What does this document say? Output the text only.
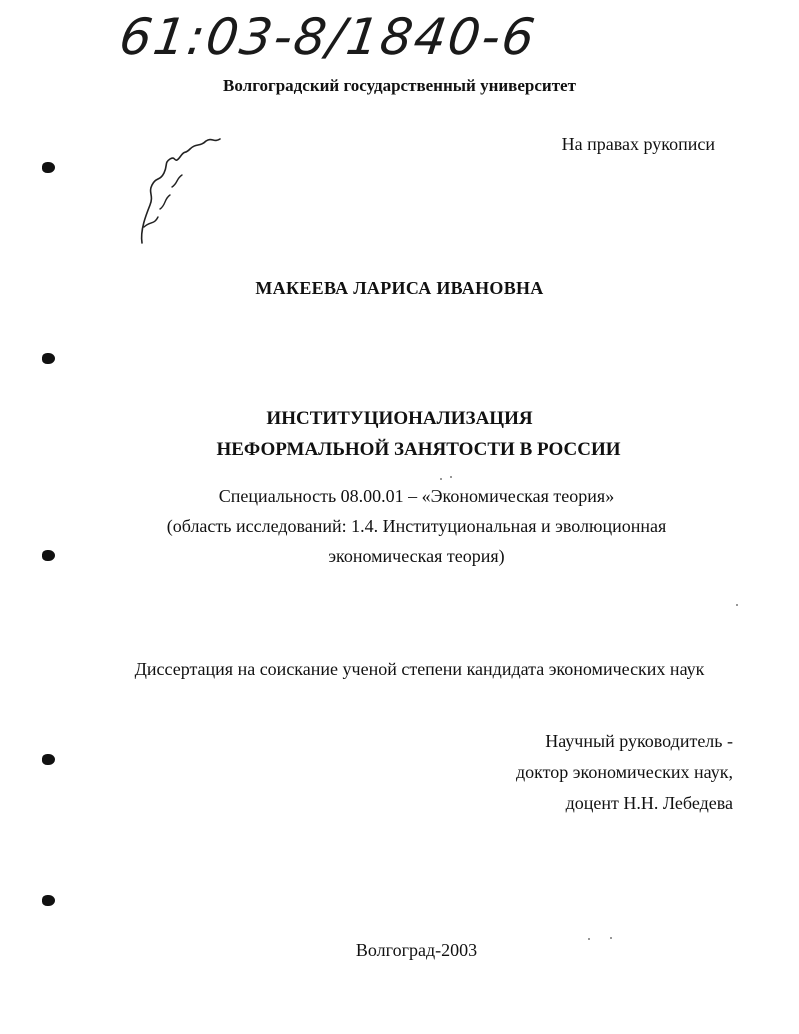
61:03-8/1840-6
Волгоградский государственный университет
На правах рукописи
МАКЕЕВА ЛАРИСА ИВАНОВНА
ИНСТИТУЦИОНАЛИЗАЦИЯ
НЕФОРМАЛЬНОЙ ЗАНЯТОСТИ В РОССИИ
Специальность 08.00.01 – «Экономическая теория»
(область исследований: 1.4. Институциональная и эволюционная
экономическая теория)
Диссертация на соискание ученой степени кандидата экономических наук
Научный руководитель -
доктор экономических наук,
доцент Н.Н. Лебедева
Волгоград-2003
